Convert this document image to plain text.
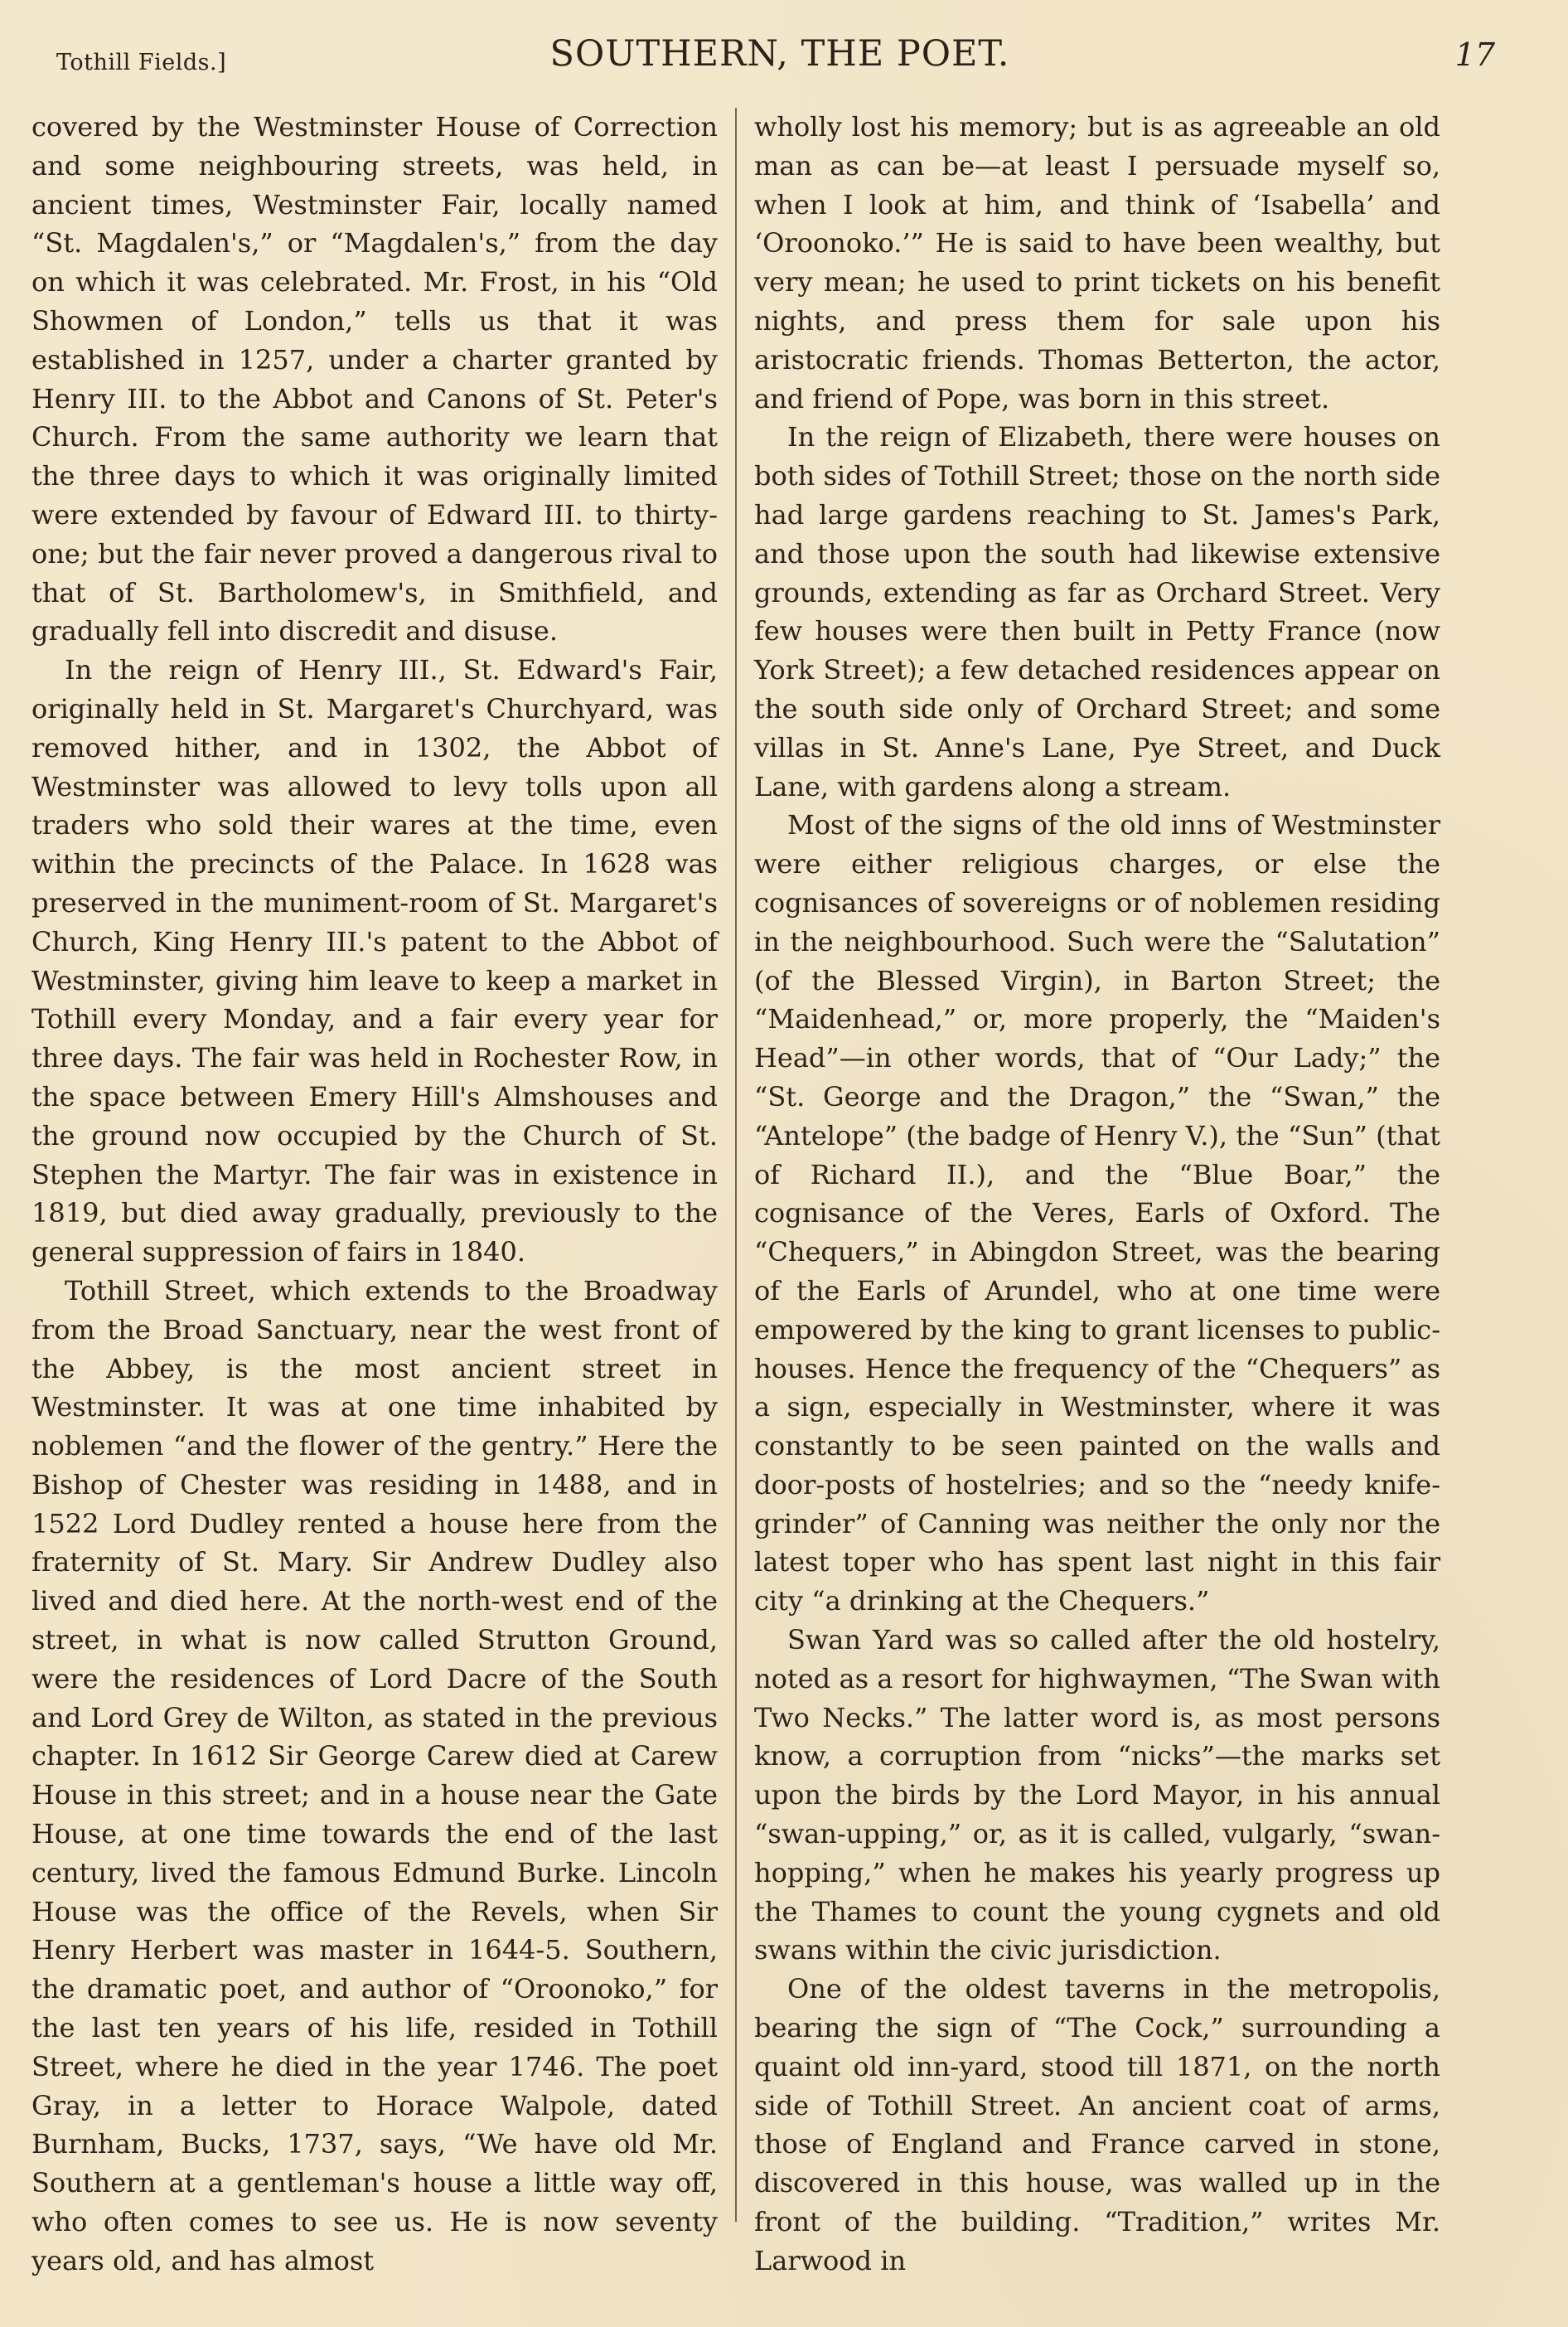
Tothill Fields.]	SOUTHERN, THE POET.	17

covered by the Westminster House of Correction and some neighbouring streets, was held, in ancient times, Westminster Fair, locally named “St. Magdalen's,” or “Magdalen's,” from the day on which it was celebrated. Mr. Frost, in his “Old Showmen of London,” tells us that it was established in 1257, under a charter granted by Henry III. to the Abbot and Canons of St. Peter's Church. From the same authority we learn that the three days to which it was originally limited were extended by favour of Edward III. to thirty-one; but the fair never proved a dangerous rival to that of St. Bartholomew's, in Smithfield, and gradually fell into discredit and disuse.

In the reign of Henry III., St. Edward's Fair, originally held in St. Margaret's Churchyard, was removed hither, and in 1302, the Abbot of Westminster was allowed to levy tolls upon all traders who sold their wares at the time, even within the precincts of the Palace. In 1628 was preserved in the muniment-room of St. Margaret's Church, King Henry III.'s patent to the Abbot of Westminster, giving him leave to keep a market in Tothill every Monday, and a fair every year for three days. The fair was held in Rochester Row, in the space between Emery Hill's Almshouses and the ground now occupied by the Church of St. Stephen the Martyr. The fair was in existence in 1819, but died away gradually, previously to the general suppression of fairs in 1840.

Tothill Street, which extends to the Broadway from the Broad Sanctuary, near the west front of the Abbey, is the most ancient street in Westminster. It was at one time inhabited by noblemen “and the flower of the gentry.” Here the Bishop of Chester was residing in 1488, and in 1522 Lord Dudley rented a house here from the fraternity of St. Mary. Sir Andrew Dudley also lived and died here. At the north-west end of the street, in what is now called Strutton Ground, were the residences of Lord Dacre of the South and Lord Grey de Wilton, as stated in the previous chapter. In 1612 Sir George Carew died at Carew House in this street; and in a house near the Gate House, at one time towards the end of the last century, lived the famous Edmund Burke. Lincoln House was the office of the Revels, when Sir Henry Herbert was master in 1644-5. Southern, the dramatic poet, and author of “Oroonoko,” for the last ten years of his life, resided in Tothill Street, where he died in the year 1746. The poet Gray, in a letter to Horace Walpole, dated Burnham, Bucks, 1737, says, “We have old Mr. Southern at a gentleman's house a little way off, who often comes to see us. He is now seventy years old, and has almost

wholly lost his memory; but is as agreeable an old man as can be—at least I persuade myself so, when I look at him, and think of ‘Isabella’ and ‘Oroonoko.’” He is said to have been wealthy, but very mean; he used to print tickets on his benefit nights, and press them for sale upon his aristocratic friends. Thomas Betterton, the actor, and friend of Pope, was born in this street.

In the reign of Elizabeth, there were houses on both sides of Tothill Street; those on the north side had large gardens reaching to St. James's Park, and those upon the south had likewise extensive grounds, extending as far as Orchard Street. Very few houses were then built in Petty France (now York Street); a few detached residences appear on the south side only of Orchard Street; and some villas in St. Anne's Lane, Pye Street, and Duck Lane, with gardens along a stream.

Most of the signs of the old inns of Westminster were either religious charges, or else the cognisances of sovereigns or of noblemen residing in the neighbourhood. Such were the “Salutation” (of the Blessed Virgin), in Barton Street; the “Maidenhead,” or, more properly, the “Maiden's Head”—in other words, that of “Our Lady;” the “St. George and the Dragon,” the “Swan,” the “Antelope” (the badge of Henry V.), the “Sun” (that of Richard II.), and the “Blue Boar,” the cognisance of the Veres, Earls of Oxford. The “Chequers,” in Abingdon Street, was the bearing of the Earls of Arundel, who at one time were empowered by the king to grant licenses to public-houses. Hence the frequency of the “Chequers” as a sign, especially in Westminster, where it was constantly to be seen painted on the walls and door-posts of hostelries; and so the “needy knife-grinder” of Canning was neither the only nor the latest toper who has spent last night in this fair city “a drinking at the Chequers.”

Swan Yard was so called after the old hostelry, noted as a resort for highwaymen, “The Swan with Two Necks.” The latter word is, as most persons know, a corruption from “nicks”—the marks set upon the birds by the Lord Mayor, in his annual “swan-upping,” or, as it is called, vulgarly, “swan-hopping,” when he makes his yearly progress up the Thames to count the young cygnets and old swans within the civic jurisdiction.

One of the oldest taverns in the metropolis, bearing the sign of “The Cock,” surrounding a quaint old inn-yard, stood till 1871, on the north side of Tothill Street. An ancient coat of arms, those of England and France carved in stone, discovered in this house, was walled up in the front of the building. “Tradition,” writes Mr. Larwood in
